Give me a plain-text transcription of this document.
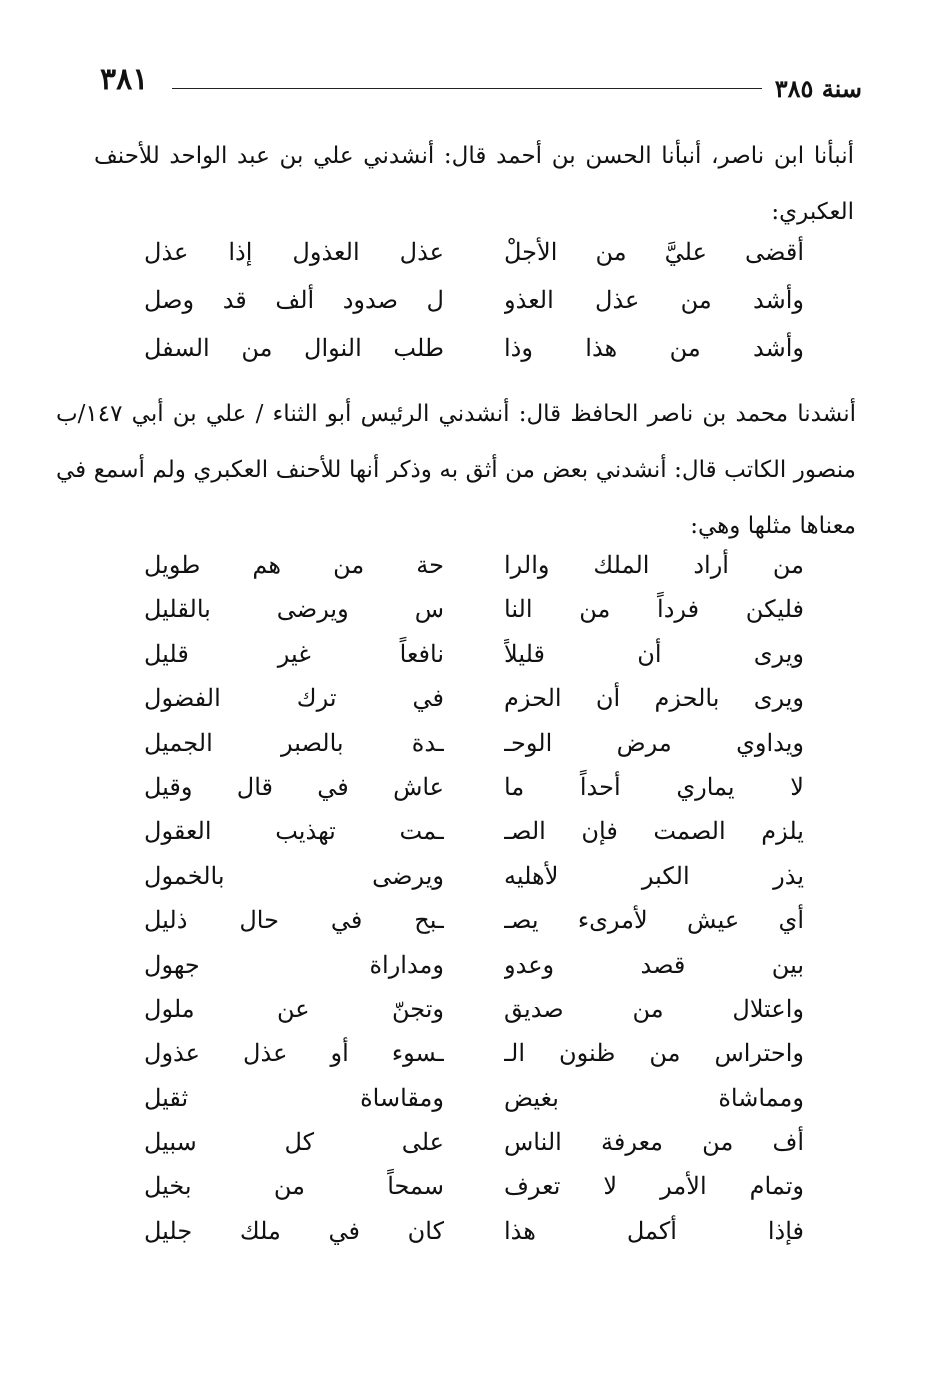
٣٨١	سنة ٣٨٥
أنبأنا ابن ناصر، أنبأنا الحسن بن أحمد قال: أنشدني علي بن عبد الواحد للأحنف العكبري:
أقضى عليَّ من الأجلْ
عذل العذول إذا عذل
وأشد من عذل العذو
ل صدود ألف قد وصل
وأشد من هذا وذا
طلب النوال من السفل
أنشدنا محمد بن ناصر الحافظ قال: أنشدني الرئيس أبو الثناء / علي بن أبي ١٤٧/ب منصور الكاتب قال: أنشدني بعض من أثق به وذكر أنها للأحنف العكبري ولم أسمع في معناها مثلها وهي:
من أراد الملك والرا
حة من هم طويل
فليكن فرداً من النا
س ويرضى بالقليل
ويرى أن قليلاً
نافعاً غير قليل
ويرى بالحزم أن الحزم
في ترك الفضول
ويداوي مرض الوحـ
ـدة بالصبر الجميل
لا يماري أحداً ما
عاش في قال وقيل
يلزم الصمت فإن الصـ
ـمت تهذيب العقول
يذر الكبر لأهليه
ويرضى بالخمول
أي عيش لأمرىء يصـ
ـبح في حال ذليل
بين قصد وعدو
ومداراة جهول
واعتلال من صديق
وتجنّ عن ملول
واحتراس من ظنون الـ
ـسوء أو عذل عذول
ومماشاة بغيض
ومقاساة ثقيل
أف من معرفة الناس
على كل سبيل
وتمام الأمر لا تعرف
سمحاً من بخيل
فإذا أكمل هذا
كان في ملك جليل
